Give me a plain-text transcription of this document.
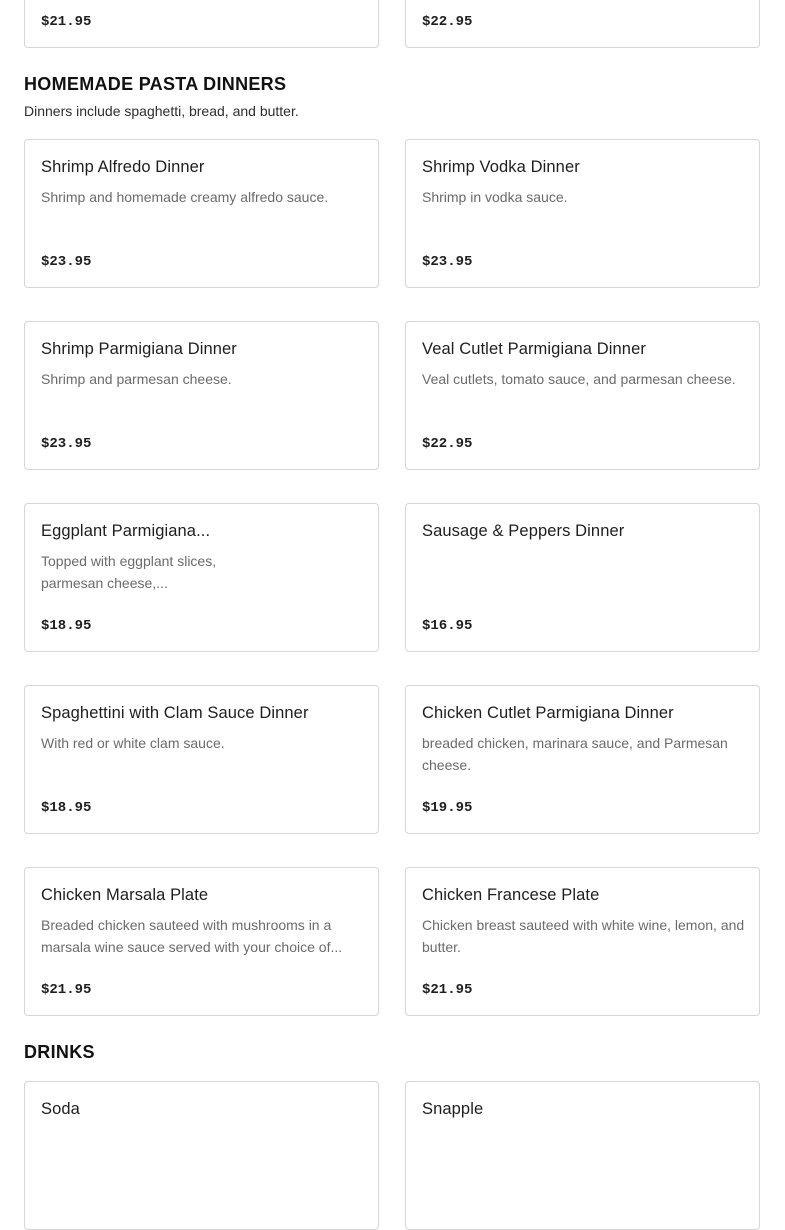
$21.95	$22.95
HOMEMADE PASTA DINNERS
Dinners include spaghetti, bread, and butter.
Shrimp Alfredo Dinner
Shrimp and homemade creamy alfredo sauce.
$23.95
Shrimp Vodka Dinner
Shrimp in vodka sauce.
$23.95
Shrimp Parmigiana Dinner
Shrimp and parmesan cheese.
$23.95
Veal Cutlet Parmigiana Dinner
Veal cutlets, tomato sauce, and parmesan cheese.
$22.95
Eggplant Parmigiana...
Topped with eggplant slices, parmesan cheese,...
$18.95
Sausage & Peppers Dinner
$16.95
Spaghettini with Clam Sauce Dinner
With red or white clam sauce.
$18.95
Chicken Cutlet Parmigiana Dinner
breaded chicken, marinara sauce, and Parmesan cheese.
$19.95
Chicken Marsala Plate
Breaded chicken sauteed with mushrooms in a marsala wine sauce served with your choice of...
$21.95
Chicken Francese Plate
Chicken breast sauteed with white wine, lemon, and butter.
$21.95
DRINKS
Soda	Snapple
